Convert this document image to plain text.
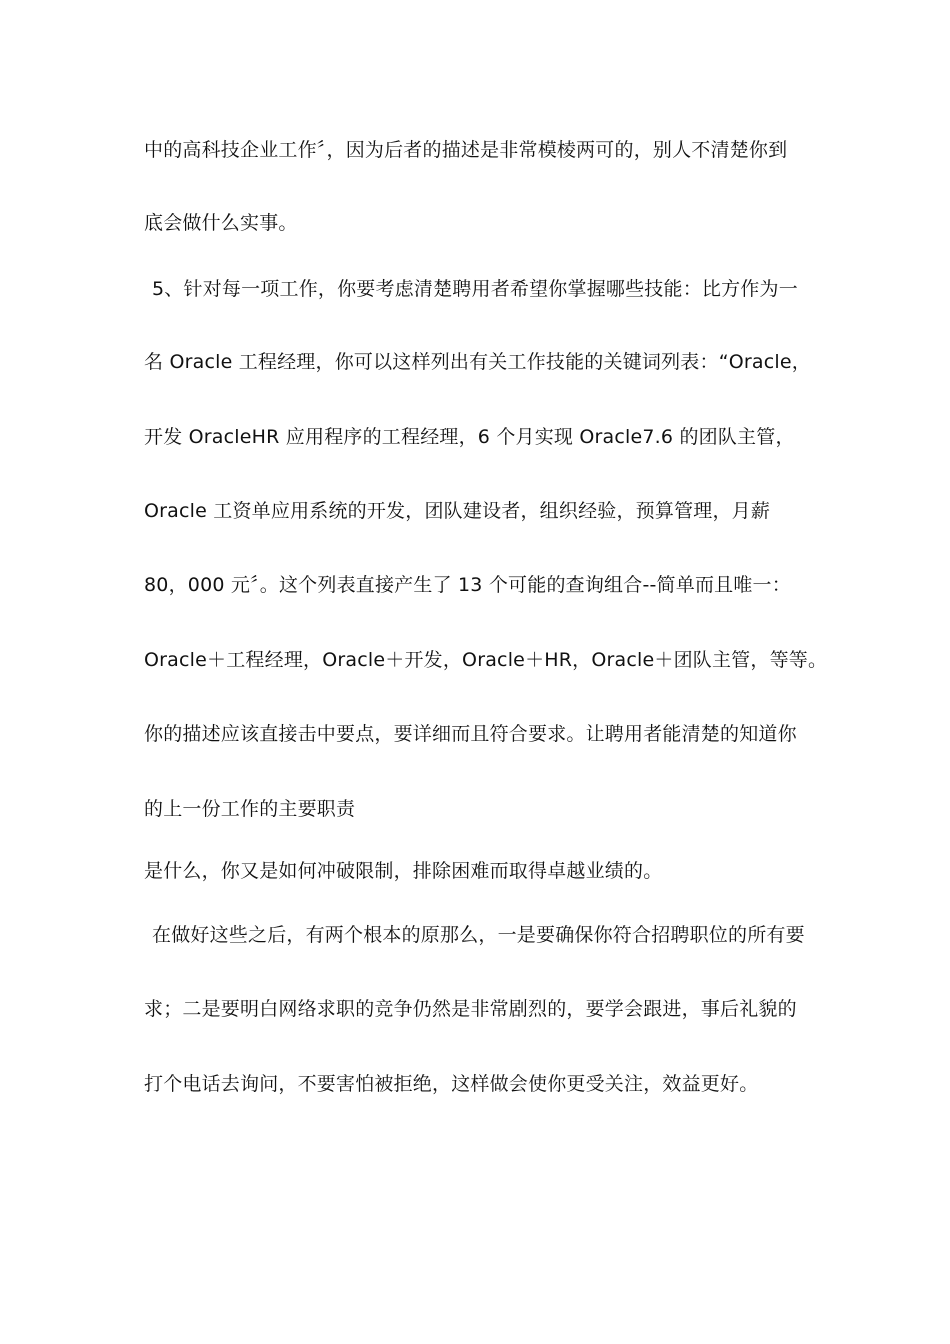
中的高科技企业工作〞，因为后者的描述是非常模棱两可的，别人不清楚你到
底会做什么实事。
5、针对每一项工作，你要考虑清楚聘用者希望你掌握哪些技能：比方作为一
名 Oracle 工程经理，你可以这样列出有关工作技能的关键词列表：“Oracle，
开发 OracleHR 应用程序的工程经理，6 个月实现 Oracle7.6 的团队主管，
Oracle 工资单应用系统的开发，团队建设者，组织经验，预算管理，月薪
80，000 元〞。这个列表直接产生了 13 个可能的查询组合--简单而且唯一：
Oracle＋工程经理，Oracle＋开发，Oracle＋HR，Oracle＋团队主管，等等。
你的描述应该直接击中要点，要详细而且符合要求。让聘用者能清楚的知道你
的上一份工作的主要职责
是什么，你又是如何冲破限制，排除困难而取得卓越业绩的。
在做好这些之后，有两个根本的原那么，一是要确保你符合招聘职位的所有要
求；二是要明白网络求职的竞争仍然是非常剧烈的，要学会跟进，事后礼貌的
打个电话去询问，不要害怕被拒绝，这样做会使你更受关注，效益更好。
